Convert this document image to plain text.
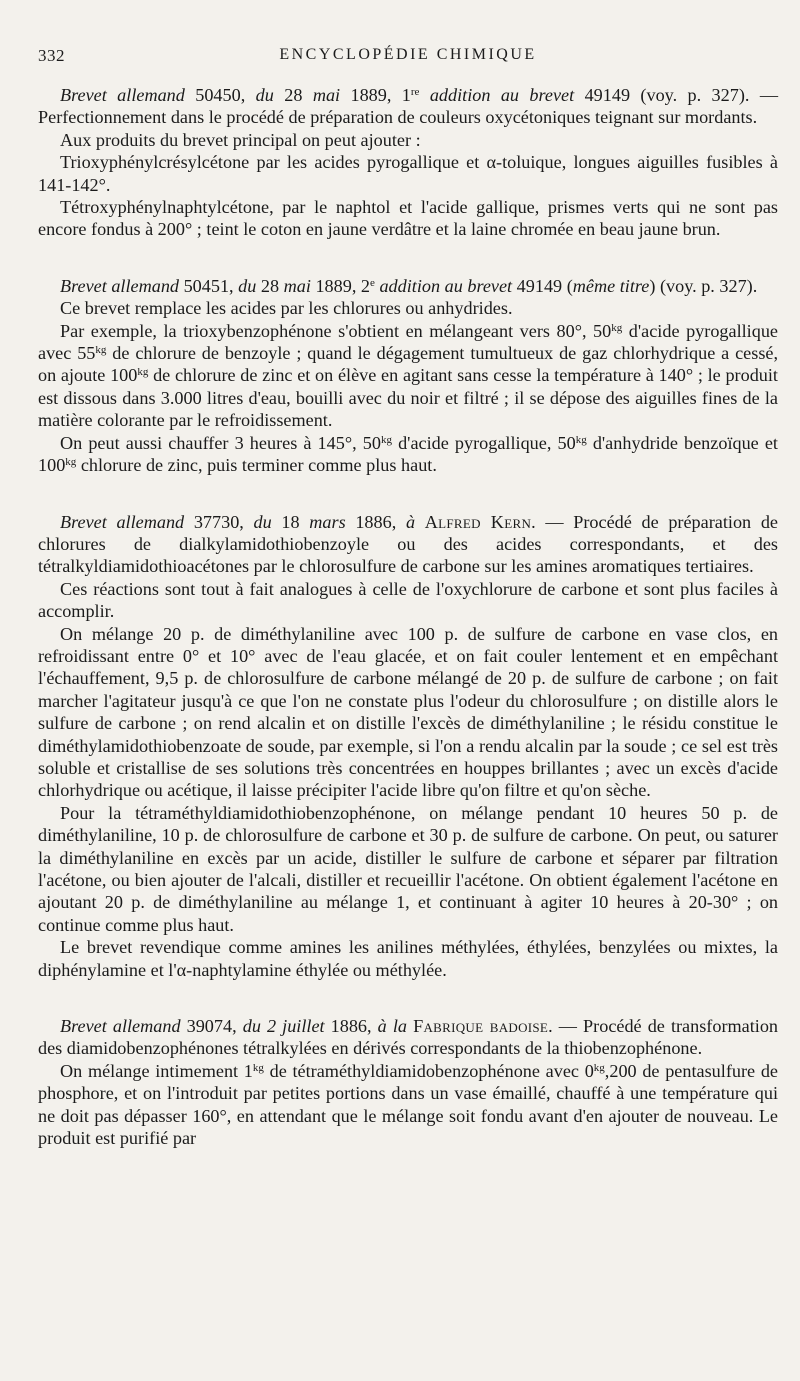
332	ENCYCLOPÉDIE CHIMIQUE

Brevet allemand 50450, du 28 mai 1889, 1re addition au brevet 49149 (voy. p. 327). — Perfectionnement dans le procédé de préparation de couleurs oxycétoniques teignant sur mordants.

Aux produits du brevet principal on peut ajouter :

Trioxyphénylcrésylcétone par les acides pyrogallique et α-toluique, longues aiguilles fusibles à 141-142°.

Tétroxyphénylnaphtylcétone, par le naphtol et l'acide gallique, prismes verts qui ne sont pas encore fondus à 200° ; teint le coton en jaune verdâtre et la laine chromée en beau jaune brun.

Brevet allemand 50451, du 28 mai 1889, 2e addition au brevet 49149 (même titre) (voy. p. 327).

Ce brevet remplace les acides par les chlorures ou anhydrides.

Par exemple, la trioxybenzophénone s'obtient en mélangeant vers 80°, $50^{kg}$ d'acide pyrogallique avec $55^{kg}$ de chlorure de benzoyle ; quand le dégagement tumultueux de gaz chlorhydrique a cessé, on ajoute $100^{kg}$ de chlorure de zinc et on élève en agitant sans cesse la température à 140° ; le produit est dissous dans 3.000 litres d'eau, bouilli avec du noir et filtré ; il se dépose des aiguilles fines de la matière colorante par le refroidissement.

On peut aussi chauffer 3 heures à 145°, $50^{kg}$ d'acide pyrogallique, $50^{kg}$ d'anhydride benzoïque et $100^{kg}$ chlorure de zinc, puis terminer comme plus haut.

Brevet allemand 37730, du 18 mars 1886, à Alfred Kern. — Procédé de préparation de chlorures de dialkylamidothiobenzoyle ou des acides correspondants, et des tétralkyldiamidothioacétones par le chlorosulfure de carbone sur les amines aromatiques tertiaires.

Ces réactions sont tout à fait analogues à celle de l'oxychlorure de carbone et sont plus faciles à accomplir.

On mélange 20 p. de diméthylaniline avec 100 p. de sulfure de carbone en vase clos, en refroidissant entre 0° et 10° avec de l'eau glacée, et on fait couler lentement et en empêchant l'échauffement, 9,5 p. de chlorosulfure de carbone mélangé de 20 p. de sulfure de carbone ; on fait marcher l'agitateur jusqu'à ce que l'on ne constate plus l'odeur du chlorosulfure ; on distille alors le sulfure de carbone ; on rend alcalin et on distille l'excès de diméthylaniline ; le résidu constitue le diméthylamidothiobenzoate de soude, par exemple, si l'on a rendu alcalin par la soude ; ce sel est très soluble et cristallise de ses solutions très concentrées en houppes brillantes ; avec un excès d'acide chlorhydrique ou acétique, il laisse précipiter l'acide libre qu'on filtre et qu'on sèche.

Pour la tétraméthyldiamidothiobenzophénone, on mélange pendant 10 heures 50 p. de diméthylaniline, 10 p. de chlorosulfure de carbone et 30 p. de sulfure de carbone. On peut, ou saturer la diméthylaniline en excès par un acide, distiller le sulfure de carbone et séparer par filtration l'acétone, ou bien ajouter de l'alcali, distiller et recueillir l'acétone. On obtient également l'acétone en ajoutant 20 p. de diméthylaniline au mélange 1, et continuant à agiter 10 heures à 20-30° ; on continue comme plus haut.

Le brevet revendique comme amines les anilines méthylées, éthylées, benzylées ou mixtes, la diphénylamine et l'α-naphtylamine éthylée ou méthylée.

Brevet allemand 39074, du 2 juillet 1886, à la Fabrique badoise. — Procédé de transformation des diamidobenzophénones tétralkylées en dérivés correspondants de la thiobenzophénone.

On mélange intimement $1^{kg}$ de tétraméthyldiamidobenzophénone avec $0^{kg},200$ de pentasulfure de phosphore, et on l'introduit par petites portions dans un vase émaillé, chauffé à une température qui ne doit pas dépasser 160°, en attendant que le mélange soit fondu avant d'en ajouter de nouveau. Le produit est purifié par
